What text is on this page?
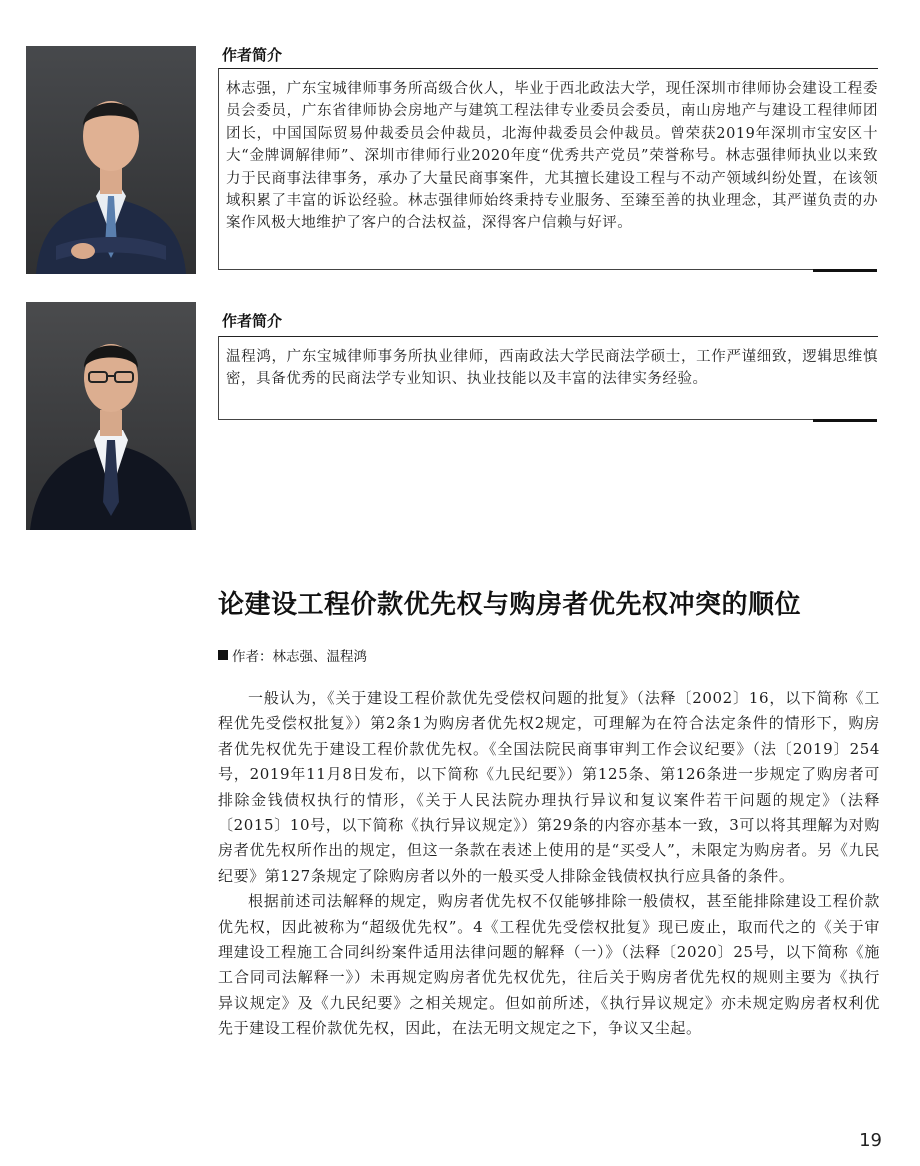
作者简介
林志强，广东宝城律师事务所高级合伙人，毕业于西北政法大学，现任深圳市律师协会建设工程委员会委员，广东省律师协会房地产与建筑工程法律专业委员会委员，南山房地产与建设工程律师团团长，中国国际贸易仲裁委员会仲裁员，北海仲裁委员会仲裁员。曾荣获2019年深圳市宝安区十大“金牌调解律师”、深圳市律师行业2020年度“优秀共产党员”荣誉称号。林志强律师执业以来致力于民商事法律事务，承办了大量民商事案件，尤其擅长建设工程与不动产领域纠纷处置，在该领域积累了丰富的诉讼经验。林志强律师始终秉持专业服务、至臻至善的执业理念，其严谨负责的办案作风极大地维护了客户的合法权益，深得客户信赖与好评。
作者简介
温程鸿，广东宝城律师事务所执业律师，西南政法大学民商法学硕士，工作严谨细致，逻辑思维慎密，具备优秀的民商法学专业知识、执业技能以及丰富的法律实务经验。
论建设工程价款优先权与购房者优先权冲突的顺位
作者：林志强、温程鸿

一般认为，《关于建设工程价款优先受偿权问题的批复》（法释〔2002〕16，以下简称《工程优先受偿权批复》）第2条1为购房者优先权2规定，可理解为在符合法定条件的情形下，购房者优先权优先于建设工程价款优先权。《全国法院民商事审判工作会议纪要》（法〔2019〕254号，2019年11月8日发布，以下简称《九民纪要》）第125条、第126条进一步规定了购房者可排除金钱债权执行的情形，《关于人民法院办理执行异议和复议案件若干问题的规定》（法释〔2015〕10号，以下简称《执行异议规定》）第29条的内容亦基本一致，3可以将其理解为对购房者优先权所作出的规定，但这一条款在表述上使用的是“买受人”，未限定为购房者。另《九民纪要》第127条规定了除购房者以外的一般买受人排除金钱债权执行应具备的条件。

根据前述司法解释的规定，购房者优先权不仅能够排除一般债权，甚至能排除建设工程价款优先权，因此被称为“超级优先权”。4《工程优先受偿权批复》现已废止，取而代之的《关于审理建设工程施工合同纠纷案件适用法律问题的解释（一）》（法释〔2020〕25号，以下简称《施工合同司法解释一》）未再规定购房者优先权优先，往后关于购房者优先权的规则主要为《执行异议规定》及《九民纪要》之相关规定。但如前所述，《执行异议规定》亦未规定购房者权利优先于建设工程价款优先权，因此，在法无明文规定之下，争议又尘起。

19
